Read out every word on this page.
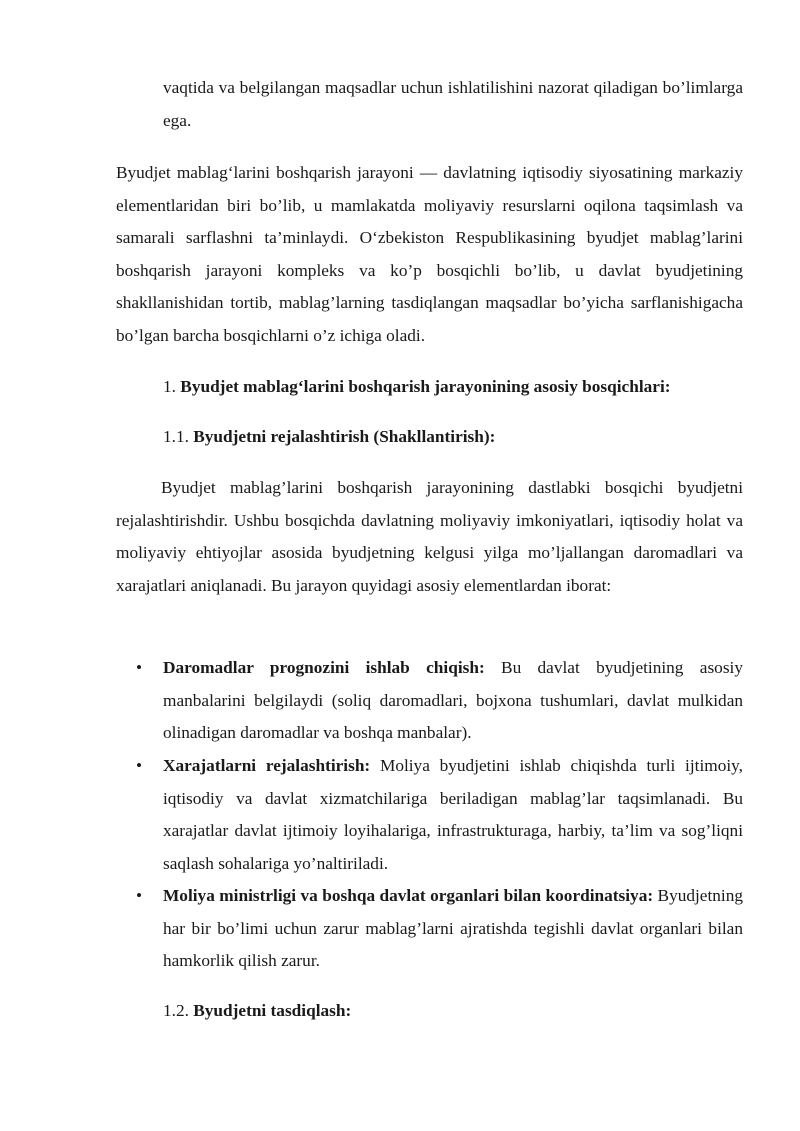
vaqtida va belgilangan maqsadlar uchun ishlatilishini nazorat qiladigan bo’limlarga ega.

Byudjet mablag‘larini boshqarish jarayoni — davlatning iqtisodiy siyosatining markaziy elementlaridan biri bo’lib, u mamlakatda moliyaviy resurslarni oqilona taqsimlash va samarali sarflashni ta’minlaydi. O‘zbekiston Respublikasining byudjet mablag’larini boshqarish jarayoni kompleks va ko’p bosqichli bo’lib, u davlat byudjetining shakllanishidan tortib, mablag’larning tasdiqlangan maqsadlar bo’yicha sarflanishigacha bo’lgan barcha bosqichlarni o’z ichiga oladi.

1. Byudjet mablag‘larini boshqarish jarayonining asosiy bosqichlari:

1.1. Byudjetni rejalashtirish (Shakllantirish):

Byudjet mablag’larini boshqarish jarayonining dastlabki bosqichi byudjetni rejalashtirishdir. Ushbu bosqichda davlatning moliyaviy imkoniyatlari, iqtisodiy holat va moliyaviy ehtiyojlar asosida byudjetning kelgusi yilga mo’ljallangan daromadlari va xarajatlari aniqlanadi. Bu jarayon quyidagi asosiy elementlardan iborat:

• Daromadlar prognozini ishlab chiqish: Bu davlat byudjetining asosiy manbalarini belgilaydi (soliq daromadlari, bojxona tushumlari, davlat mulkidan olinadigan daromadlar va boshqa manbalar).

• Xarajatlarni rejalashtirish: Moliya byudjetini ishlab chiqishda turli ijtimoiy, iqtisodiy va davlat xizmatchilariga beriladigan mablag’lar taqsimlanadi. Bu xarajatlar davlat ijtimoiy loyihalariga, infrastrukturaga, harbiy, ta’lim va sog’liqni saqlash sohalariga yo’naltiriladi.

• Moliya ministrligi va boshqa davlat organlari bilan koordinatsiya: Byudjetning har bir bo’limi uchun zarur mablag’larni ajratishda tegishli davlat organlari bilan hamkorlik qilish zarur.

1.2. Byudjetni tasdiqlash:
